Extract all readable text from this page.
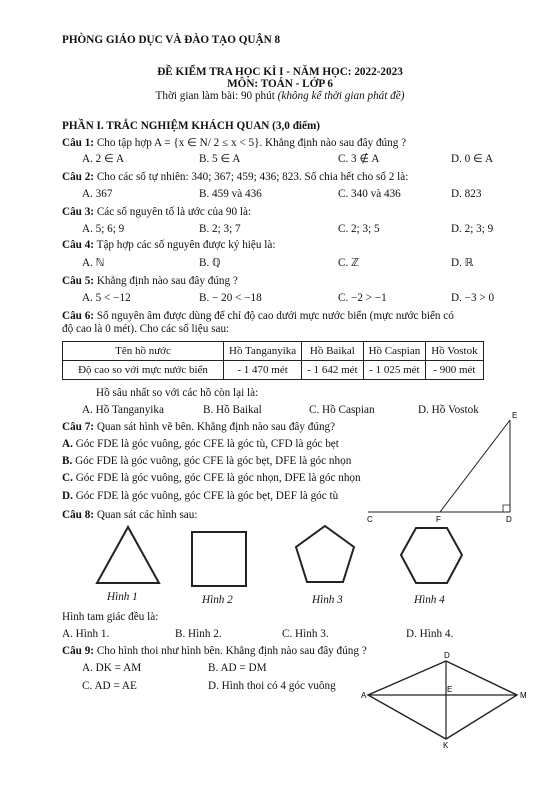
PHÒNG GIÁO DỤC VÀ ĐÀO TẠO QUẬN 8
ĐỀ KIỂM TRA HỌC KÌ I - NĂM HỌC: 2022-2023
MÔN: TOÁN - LỚP 6
Thời gian làm bài: 90 phút (không kể thời gian phát đề)
PHẦN I. TRẮC NGHIỆM KHÁCH QUAN (3,0 điểm)
Câu 1: Cho tập hợp A = {x ∈ N/ 2 ≤ x < 5}. Khẳng định nào sau đây đúng ?
A. 2 ∈ A	B. 5 ∈ A	C. 3 ∉ A	D. 0 ∈ A
Câu 2: Cho các số tự nhiên: 340; 367; 459; 436; 823. Số chia hết cho số 2 là:
A. 367	B. 459 và 436	C. 340 và 436	D. 823
Câu 3: Các số nguyên tố là ước của 90 là:
A. 5; 6; 9	B. 2; 3; 7	C. 2; 3; 5	D. 2; 3; 9
Câu 4: Tập hợp các số nguyên được ký hiệu là:
A. ℕ	B. ℚ	C. ℤ	D. ℝ
Câu 5: Khẳng định nào sau đây đúng ?
A. 5 < −12	B. − 20 < −18	C. −2 > −1	D. −3 > 0
Câu 6: Số nguyên âm được dùng để chỉ độ cao dưới mực nước biển (mực nước biển có
độ cao là 0 mét). Cho các số liệu sau:
Tên hồ nước	Hồ Tanganyika	Hồ Baikal	Hồ Caspian	Hồ Vostok
Độ cao so với mực nước biển	- 1 470 mét	- 1 642 mét	- 1 025 mét	- 900 mét
Hồ sâu nhất so với các hồ còn lại là:
A. Hồ Tanganyika	B. Hồ Baikal	C. Hồ Caspian	D. Hồ Vostok
Câu 7: Quan sát hình vẽ bên. Khẳng định nào sau đây đúng?
A. Góc FDE là góc vuông, góc CFE là góc tù, CFD là góc bẹt
B. Góc FDE là góc vuông, góc CFE là góc bẹt, DFE là góc nhọn
C. Góc FDE là góc vuông, góc CFE là góc nhọn, DFE là góc nhọn
D. Góc FDE là góc vuông, góc CFE là góc bẹt, DEF là góc tù
E
C	F	D
Câu 8: Quan sát các hình sau:
Hình 1	Hình 2	Hình 3	Hình 4
Hình tam giác đều là:
A. Hình 1.	B. Hình 2.	C. Hình 3.	D. Hình 4.
Câu 9: Cho hình thoi như hình bên. Khẳng định nào sau đây đúng ?
A. DK = AM	B. AD = DM
C. AD = AE	D. Hình thoi có 4 góc vuông
D
A
E
M
K
